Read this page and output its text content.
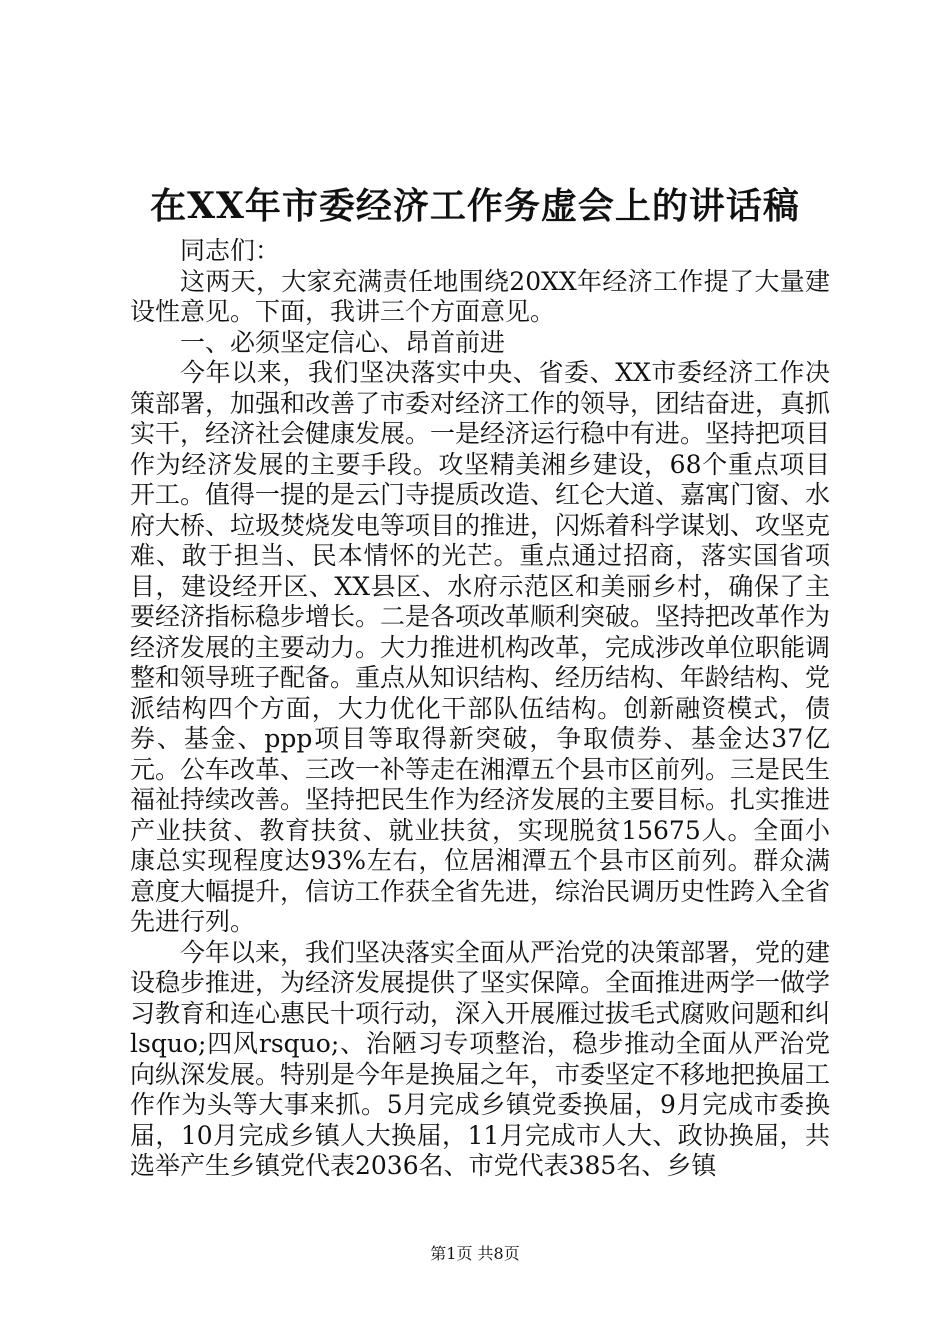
在XX年市委经济工作务虚会上的讲话稿

同志们：

这两天，大家充满责任地围绕20XX年经济工作提了大量建设性意见。下面，我讲三个方面意见。

一、必须坚定信心、昂首前进

今年以来，我们坚决落实中央、省委、XX市委经济工作决策部署，加强和改善了市委对经济工作的领导，团结奋进，真抓实干，经济社会健康发展。一是经济运行稳中有进。坚持把项目作为经济发展的主要手段。攻坚精美湘乡建设，68个重点项目开工。值得一提的是云门寺提质改造、红仑大道、嘉寓门窗、水府大桥、垃圾焚烧发电等项目的推进，闪烁着科学谋划、攻坚克难、敢于担当、民本情怀的光芒。重点通过招商，落实国省项目，建设经开区、XX县区、水府示范区和美丽乡村，确保了主要经济指标稳步增长。二是各项改革顺利突破。坚持把改革作为经济发展的主要动力。大力推进机构改革，完成涉改单位职能调整和领导班子配备。重点从知识结构、经历结构、年龄结构、党派结构四个方面，大力优化干部队伍结构。创新融资模式，债券、基金、ppp项目等取得新突破，争取债券、基金达37亿元。公车改革、三改一补等走在湘潭五个县市区前列。三是民生福祉持续改善。坚持把民生作为经济发展的主要目标。扎实推进产业扶贫、教育扶贫、就业扶贫，实现脱贫15675人。全面小康总实现程度达93%左右，位居湘潭五个县市区前列。群众满意度大幅提升，信访工作获全省先进，综治民调历史性跨入全省先进行列。

今年以来，我们坚决落实全面从严治党的决策部署，党的建设稳步推进，为经济发展提供了坚实保障。全面推进两学一做学习教育和连心惠民十项行动，深入开展雁过拔毛式腐败问题和纠lsquo;四风rsquo;、治陋习专项整治，稳步推动全面从严治党向纵深发展。特别是今年是换届之年，市委坚定不移地把换届工作作为头等大事来抓。5月完成乡镇党委换届，9月完成市委换届，10月完成乡镇人大换届，11月完成市人大、政协换届，共选举产生乡镇党代表2036名、市党代表385名、乡镇

第1页 共8页
